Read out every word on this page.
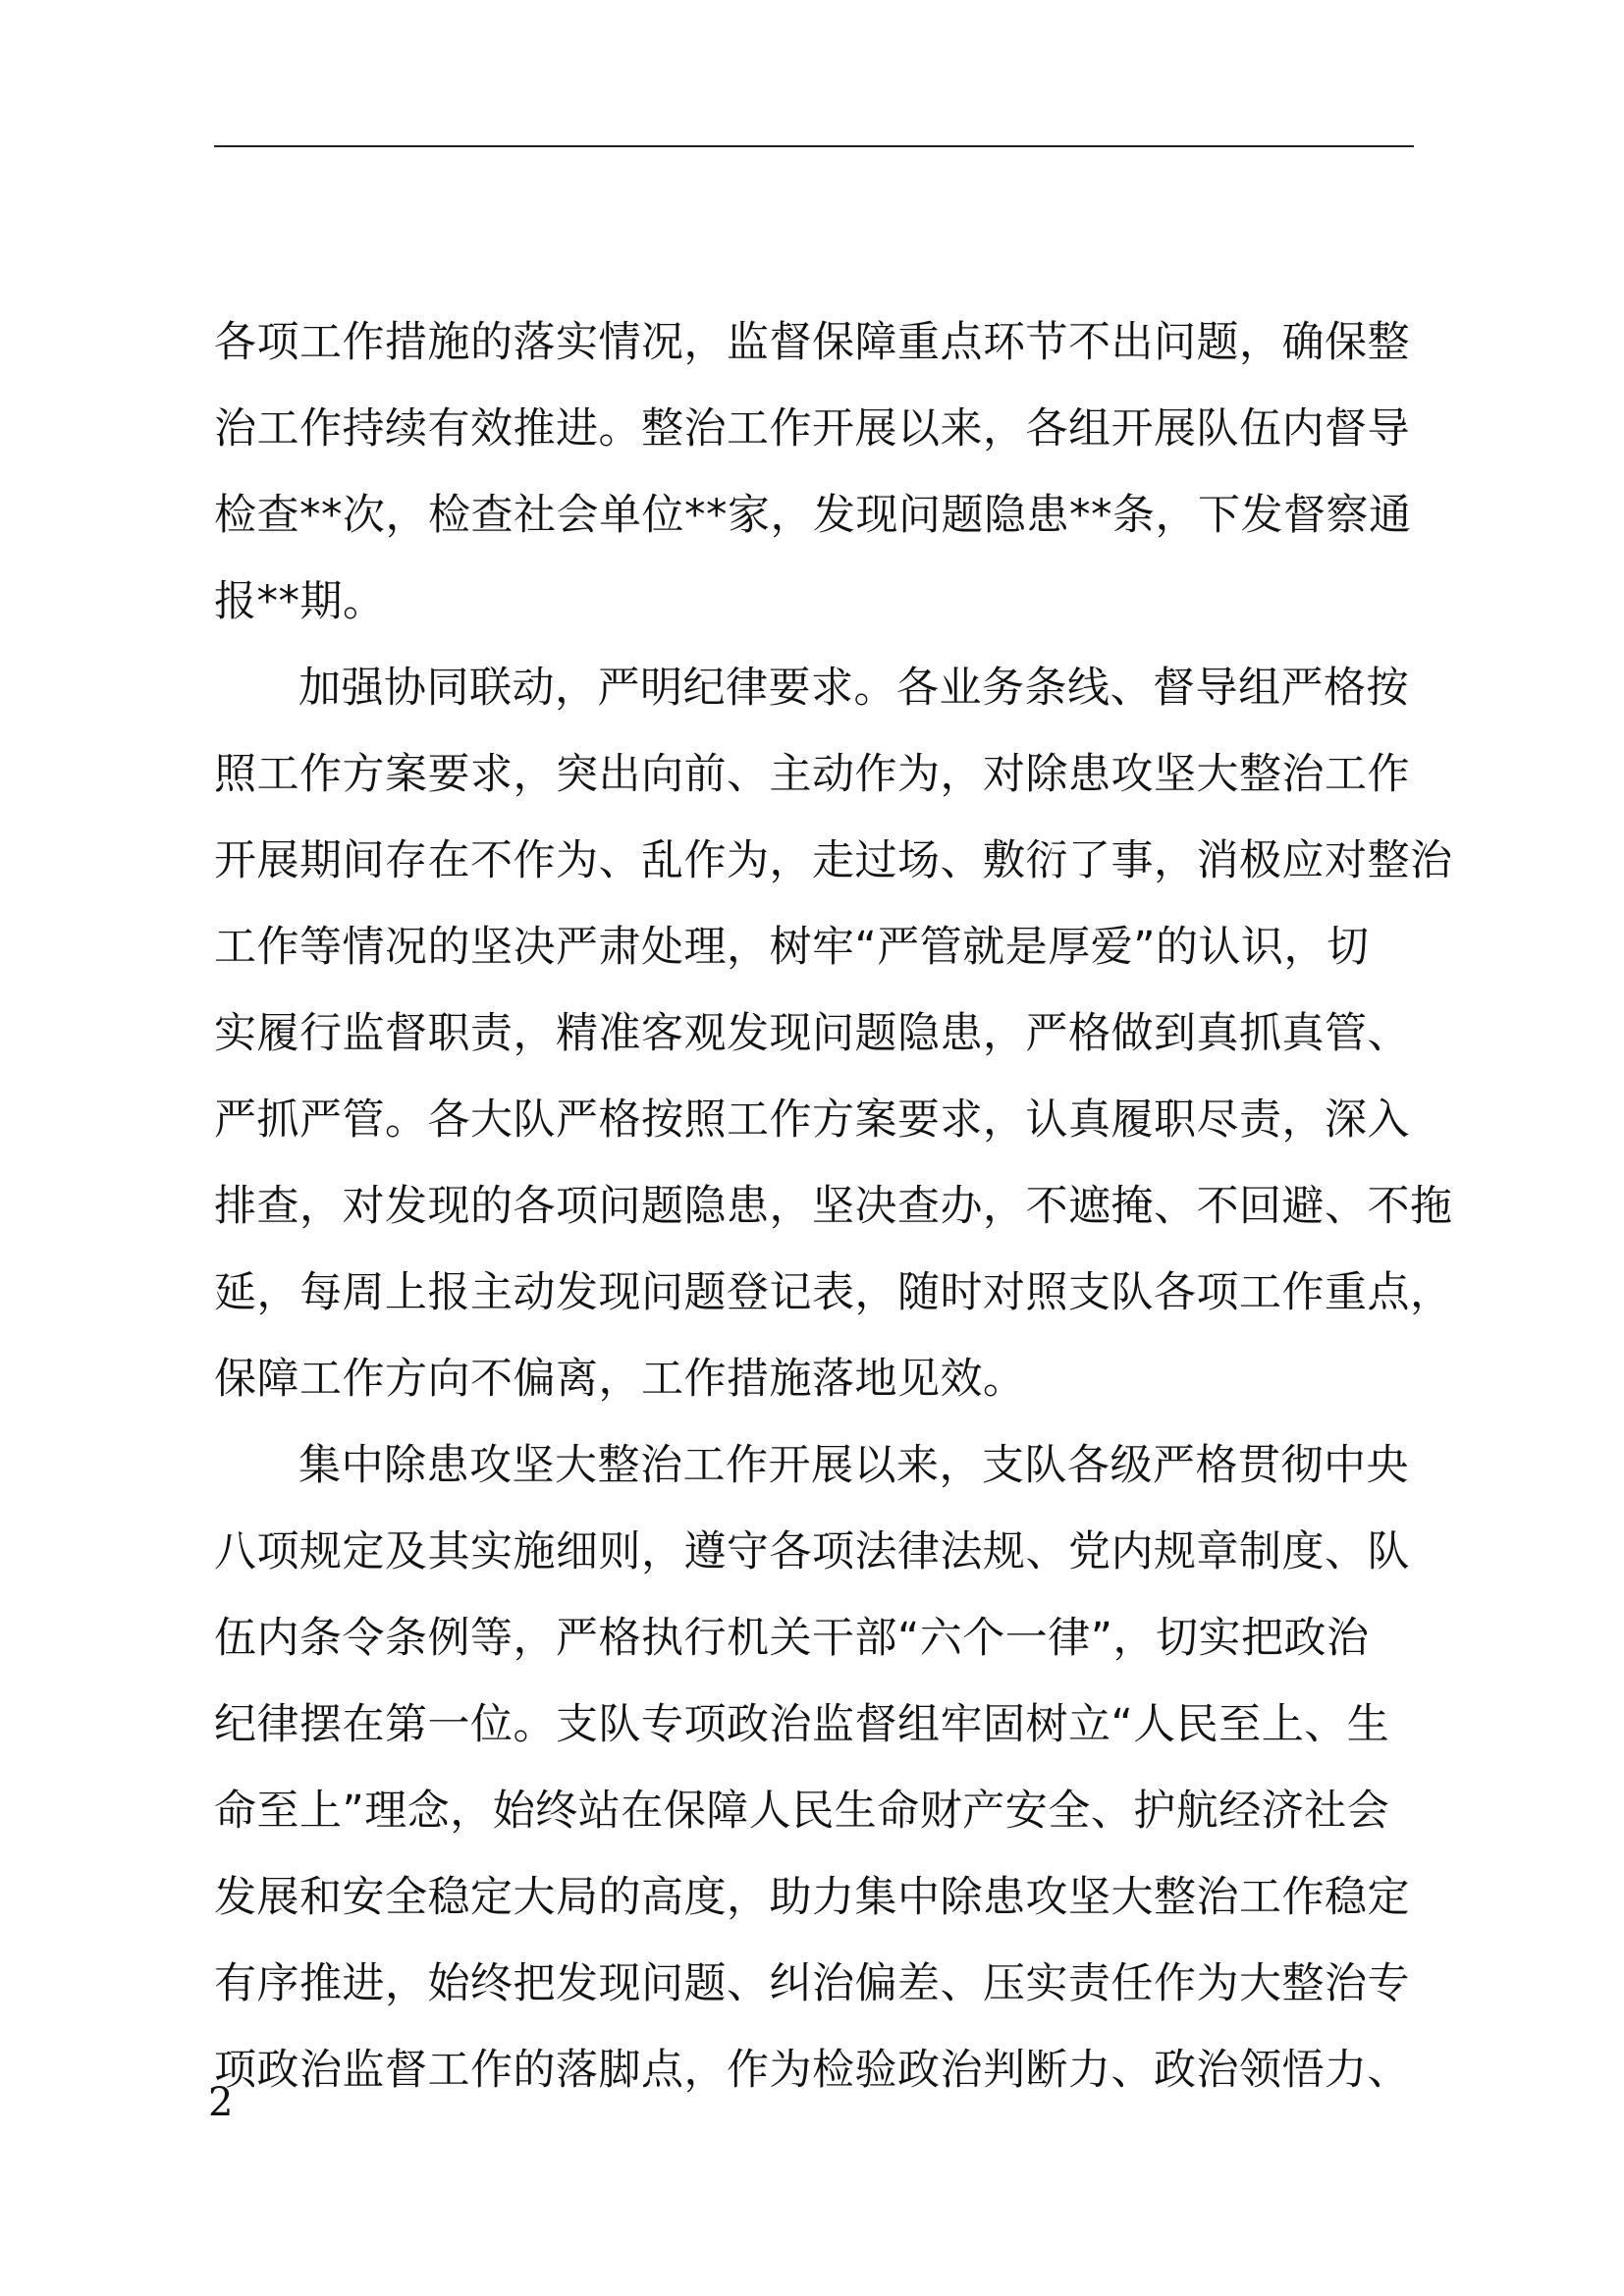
各项工作措施的落实情况，监督保障重点环节不出问题，确保整
治工作持续有效推进。整治工作开展以来，各组开展队伍内督导
检查**次，检查社会单位**家，发现问题隐患**条，下发督察通
报**期。
加强协同联动，严明纪律要求。各业务条线、督导组严格按
照工作方案要求，突出向前、主动作为，对除患攻坚大整治工作
开展期间存在不作为、乱作为，走过场、敷衍了事，消极应对整治
工作等情况的坚决严肃处理，树牢“严管就是厚爱”的认识，切
实履行监督职责，精准客观发现问题隐患，严格做到真抓真管、
严抓严管。各大队严格按照工作方案要求，认真履职尽责，深入
排查，对发现的各项问题隐患，坚决查办，不遮掩、不回避、不拖
延，每周上报主动发现问题登记表，随时对照支队各项工作重点，
保障工作方向不偏离，工作措施落地见效。
集中除患攻坚大整治工作开展以来，支队各级严格贯彻中央
八项规定及其实施细则，遵守各项法律法规、党内规章制度、队
伍内条令条例等，严格执行机关干部“六个一律”，切实把政治
纪律摆在第一位。支队专项政治监督组牢固树立“人民至上、生
命至上”理念，始终站在保障人民生命财产安全、护航经济社会
发展和安全稳定大局的高度，助力集中除患攻坚大整治工作稳定
有序推进，始终把发现问题、纠治偏差、压实责任作为大整治专
项政治监督工作的落脚点，作为检验政治判断力、政治领悟力、
2
